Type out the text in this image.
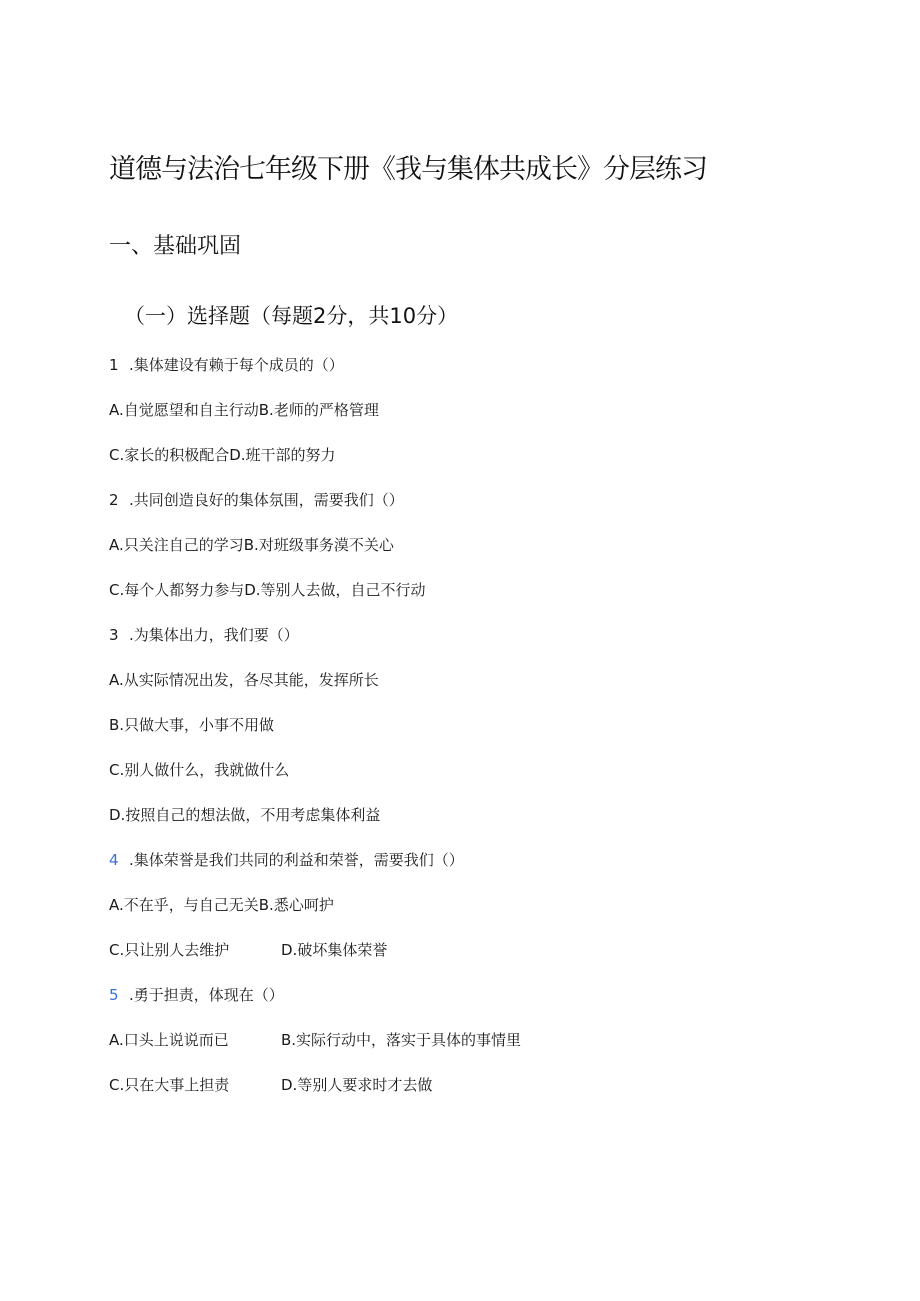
道德与法治七年级下册《我与集体共成长》分层练习
一、基础巩固
（一）选择题（每题2分，共10分）
1 .集体建设有赖于每个成员的（）
A.自觉愿望和自主行动B.老师的严格管理
C.家长的积极配合D.班干部的努力
2 .共同创造良好的集体氛围，需要我们（）
A.只关注自己的学习B.对班级事务漠不关心
C.每个人都努力参与D.等别人去做，自己不行动
3 .为集体出力，我们要（）
A.从实际情况出发，各尽其能，发挥所长
B.只做大事，小事不用做
C.别人做什么，我就做什么
D.按照自己的想法做，不用考虑集体利益
4 .集体荣誉是我们共同的利益和荣誉，需要我们（）
A.不在乎，与自己无关B.悉心呵护
C.只让别人去维护	D.破坏集体荣誉
5 .勇于担责，体现在（）
A.口头上说说而已	B.实际行动中，落实于具体的事情里
C.只在大事上担责	D.等别人要求时才去做
